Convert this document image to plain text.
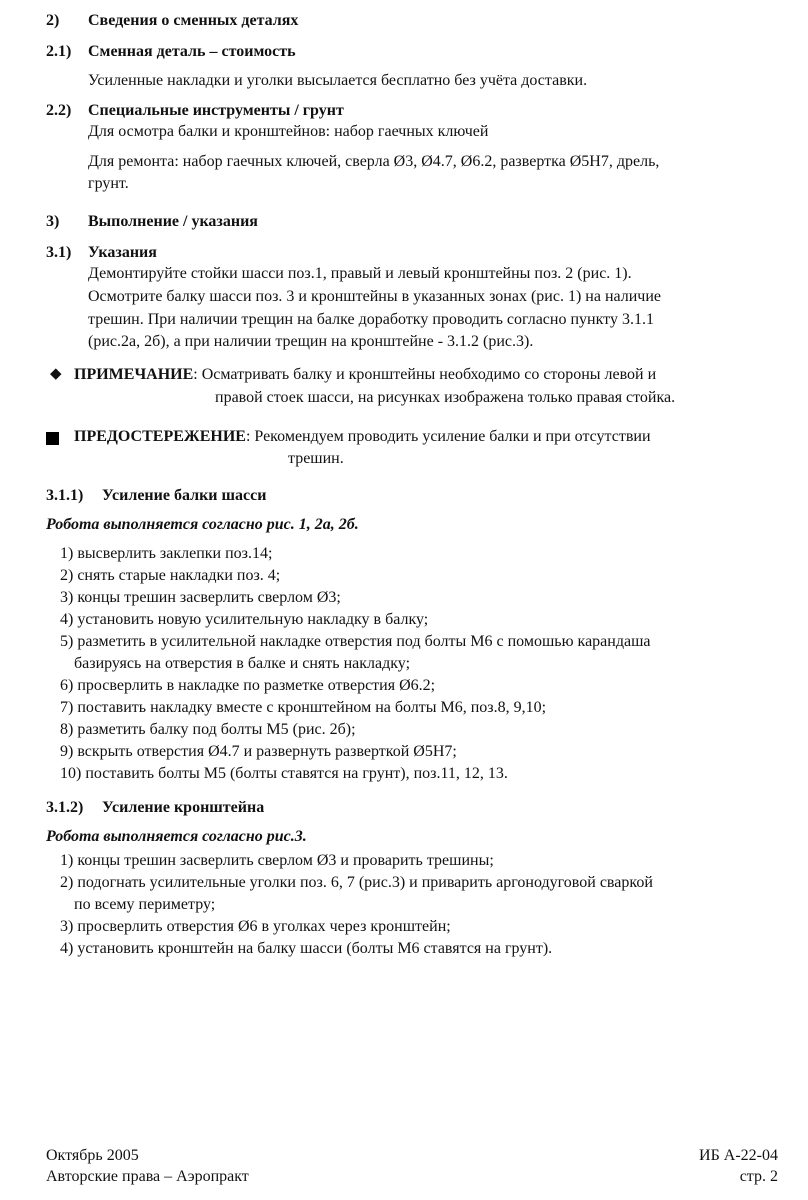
2) Сведения о сменных деталях
2.1) Сменная деталь – стоимость
Усиленные накладки и уголки высылается бесплатно без учёта доставки.
2.2) Специальные инструменты / грунт
Для осмотра балки и кронштейнов: набор гаечных ключей
Для ремонта: набор гаечных ключей, сверла Ø3, Ø4.7, Ø6.2, развертка Ø5H7, дрель,
грунт.
3) Выполнение / указания
3.1) Указания
Демонтируйте стойки шасси поз.1, правый и левый кронштейны поз. 2 (рис. 1).
Осмотрите балку шасси поз. 3 и кронштейны в указанных зонах (рис. 1) на наличие
трешин. При наличии трещин на балке доработку проводить согласно пункту 3.1.1
(рис.2а, 2б), а при наличии трещин на кронштейне - 3.1.2 (рис.3).
◆ ПРИМЕЧАНИЕ: Осматривать балку и кронштейны необходимо со стороны левой и
правой стоек шасси, на рисунках изображена только правая стойка.
ПРЕДОСТЕРЕЖЕНИЕ: Рекомендуем проводить усиление балки и при отсутствии
трешин.
3.1.1) Усиление балки шасси
Робота выполняется согласно рис. 1, 2а, 2б.
1) высверлить заклепки поз.14;
2) снять старые накладки поз. 4;
3) концы трешин засверлить сверлом Ø3;
4) установить новую усилительную накладку в балку;
5) разметить в усилительной накладке отверстия под болты М6 с помошью карандаша
базируясь на отверстия в балке и снять накладку;
6) просверлить в накладке по разметке отверстия Ø6.2;
7) поставить накладку вместе с кронштейном на болты М6, поз.8, 9,10;
8) разметить балку под болты М5 (рис. 2б);
9) вскрыть отверстия Ø4.7 и развернуть разверткой Ø5H7;
10) поставить болты М5 (болты ставятся на грунт), поз.11, 12, 13.
3.1.2) Усиление кронштейна
Робота выполняется согласно рис.3.
1) концы трешин засверлить сверлом Ø3 и проварить трешины;
2) подогнать усилительные уголки поз. 6, 7 (рис.3) и приварить аргонодуговой сваркой
по всему периметру;
3) просверлить отверстия Ø6 в уголках через кронштейн;
4) установить кронштейн на балку шасси (болты М6 ставятся на грунт).
Октябрь 2005
Авторские права – Аэропракт
ИБ А-22-04
стр. 2
